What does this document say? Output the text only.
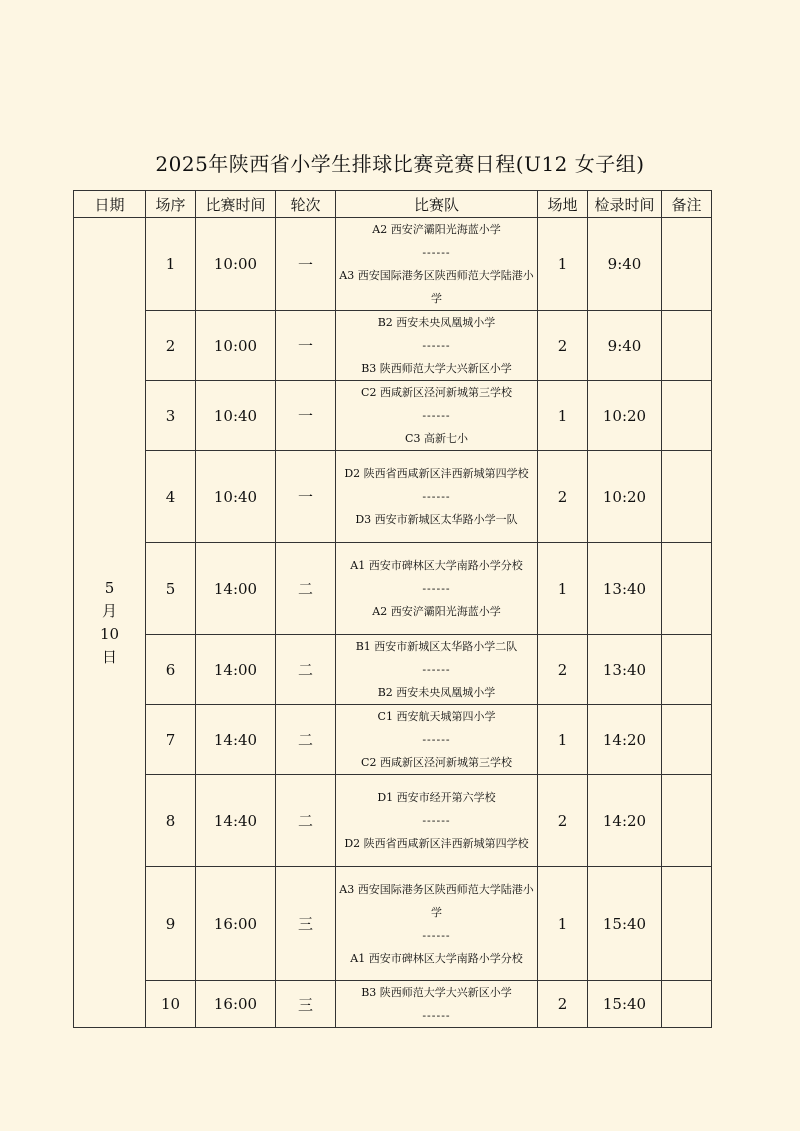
2025年陕西省小学生排球比赛竞赛日程(U12 女子组)
日期	场序	比赛时间	轮次	比赛队	场地	检录时间	备注

5
月
10
日	1	10:00	一	A2 西安浐灞阳光海蓝小学
------
A3 西安国际港务区陕西师范大学陆港小学	1	9:40	
	2	10:00	一	B2 西安未央凤凰城小学
------
B3 陕西师范大学大兴新区小学	2	9:40	
	3	10:40	一	C2 西咸新区泾河新城第三学校
------
C3 高新七小	1	10:20	
	4	10:40	一	D2 陕西省西咸新区沣西新城第四学校
------
D3 西安市新城区太华路小学一队	2	10:20	
	5	14:00	二	A1 西安市碑林区大学南路小学分校
------
A2 西安浐灞阳光海蓝小学	1	13:40	
	6	14:00	二	B1 西安市新城区太华路小学二队
------
B2 西安未央凤凰城小学	2	13:40	
	7	14:40	二	C1 西安航天城第四小学
------
C2 西咸新区泾河新城第三学校	1	14:20	
	8	14:40	二	D1 西安市经开第六学校
------
D2 陕西省西咸新区沣西新城第四学校	2	14:20	
	9	16:00	三	A3 西安国际港务区陕西师范大学陆港小学
------
A1 西安市碑林区大学南路小学分校	1	15:40	
	10	16:00	三	B3 陕西师范大学大兴新区小学
------	2	15:40	
